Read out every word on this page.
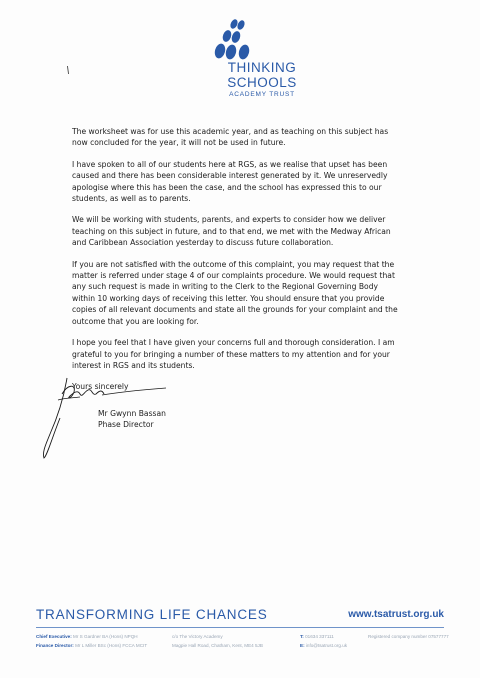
THINKING
SCHOOLS
ACADEMY TRUST

The worksheet was for use this academic year, and as teaching on this subject has now concluded for the year, it will not be used in future.

I have spoken to all of our students here at RGS, as we realise that upset has been caused and there has been considerable interest generated by it. We unreservedly apologise where this has been the case, and the school has expressed this to our students, as well as to parents.

We will be working with students, parents, and experts to consider how we deliver teaching on this subject in future, and to that end, we met with the Medway African and Caribbean Association yesterday to discuss future collaboration.

If you are not satisfied with the outcome of this complaint, you may request that the matter is referred under stage 4 of our complaints procedure. We would request that any such request is made in writing to the Clerk to the Regional Governing Body within 10 working days of receiving this letter. You should ensure that you provide copies of all relevant documents and state all the grounds for your complaint and the outcome that you are looking for.

I hope you feel that I have given your concerns full and thorough consideration. I am grateful to you for bringing a number of these matters to my attention and for your interest in RGS and its students.

Yours sincerely

Mr Gwynn Bassan
Phase Director
TRANSFORMING LIFE CHANCES	www.tsatrust.org.uk
Chief Executive: Mr S Gardner BA (Hons) NPQH
Finance Director: Mr L Miller BSc (Hons) FCCA MCIT
c/o The Victory Academy
Magpie Hall Road, Chatham, Kent, ME4 5JB
T: 01634 337111
E: info@tsatrust.org.uk
Registered company number 07577777
